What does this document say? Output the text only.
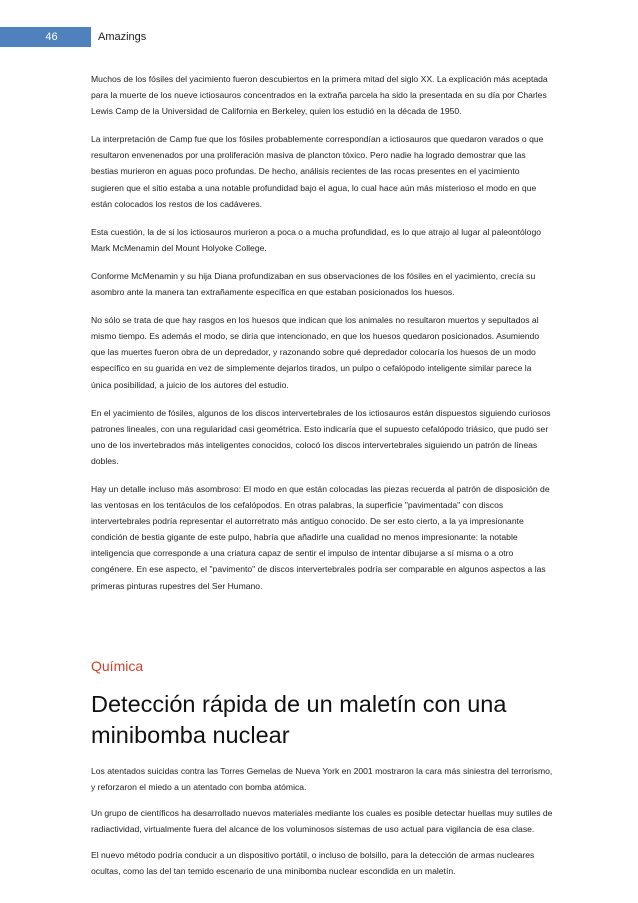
46	Amazings

Muchos de los fósiles del yacimiento fueron descubiertos en la primera mitad del siglo XX. La explicación más aceptada para la muerte de los nueve ictiosauros concentrados en la extraña parcela ha sido la presentada en su día por Charles Lewis Camp de la Universidad de California en Berkeley, quien los estudió en la década de 1950.

La interpretación de Camp fue que los fósiles probablemente correspondían a ictiosauros que quedaron varados o que resultaron envenenados por una proliferación masiva de plancton tóxico. Pero nadie ha logrado demostrar que las bestias murieron en aguas poco profundas. De hecho, análisis recientes de las rocas presentes en el yacimiento sugieren que el sitio estaba a una notable profundidad bajo el agua, lo cual hace aún más misterioso el modo en que están colocados los restos de los cadáveres.

Esta cuestión, la de si los ictiosauros murieron a poca o a mucha profundidad, es lo que atrajo al lugar al paleontólogo Mark McMenamin del Mount Holyoke College.

Conforme McMenamin y su hija Diana profundizaban en sus observaciones de los fósiles en el yacimiento, crecía su asombro ante la manera tan extrañamente específica en que estaban posicionados los huesos.

No sólo se trata de que hay rasgos en los huesos que indican que los animales no resultaron muertos y sepultados al mismo tiempo. Es además el modo, se diría que intencionado, en que los huesos quedaron posicionados. Asumiendo que las muertes fueron obra de un depredador, y razonando sobre qué depredador colocaría los huesos de un modo específico en su guarida en vez de simplemente dejarlos tirados, un pulpo o cefalópodo inteligente similar parece la única posibilidad, a juicio de los autores del estudio.

En el yacimiento de fósiles, algunos de los discos intervertebrales de los ictiosauros están dispuestos siguiendo curiosos patrones lineales, con una regularidad casi geométrica. Esto indicaría que el supuesto cefalópodo triásico, que pudo ser uno de los invertebrados más inteligentes conocidos, colocó los discos intervertebrales siguiendo un patrón de líneas dobles.

Hay un detalle incluso más asombroso: El modo en que están colocadas las piezas recuerda al patrón de disposición de las ventosas en los tentáculos de los cefalópodos. En otras palabras, la superficie "pavimentada" con discos intervertebrales podría representar el autorretrato más antiguo conocido. De ser esto cierto, a la ya impresionante condición de bestia gigante de este pulpo, habría que añadirle una cualidad no menos impresionante: la notable inteligencia que corresponde a una criatura capaz de sentir el impulso de intentar dibujarse a sí misma o a otro congénere. En ese aspecto, el "pavimento" de discos intervertebrales podría ser comparable en algunos aspectos a las primeras pinturas rupestres del Ser Humano.

Química
Detección rápida de un maletín con una minibomba nuclear

Los atentados suicidas contra las Torres Gemelas de Nueva York en 2001 mostraron la cara más siniestra del terrorismo, y reforzaron el miedo a un atentado con bomba atómica.

Un grupo de científicos ha desarrollado nuevos materiales mediante los cuales es posible detectar huellas muy sutiles de radiactividad, virtualmente fuera del alcance de los voluminosos sistemas de uso actual para vigilancia de esa clase.

El nuevo método podría conducir a un dispositivo portátil, o incluso de bolsillo, para la detección de armas nucleares ocultas, como las del tan temido escenario de una minibomba nuclear escondida en un maletín.
